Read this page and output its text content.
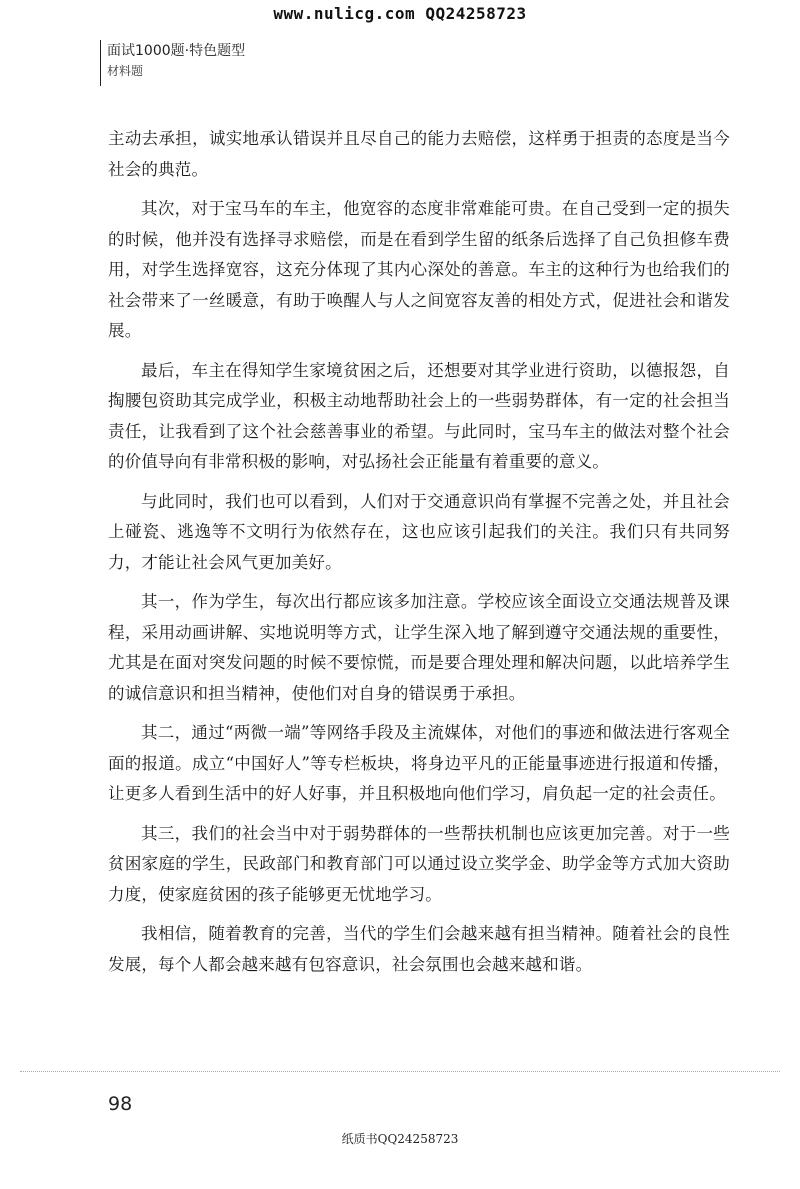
www.nulicg.com QQ24258723
面试1000题·特色题型
材料题

主动去承担，诚实地承认错误并且尽自己的能力去赔偿，这样勇于担责的态度是当今社会的典范。

其次，对于宝马车的车主，他宽容的态度非常难能可贵。在自己受到一定的损失的时候，他并没有选择寻求赔偿，而是在看到学生留的纸条后选择了自己负担修车费用，对学生选择宽容，这充分体现了其内心深处的善意。车主的这种行为也给我们的社会带来了一丝暖意，有助于唤醒人与人之间宽容友善的相处方式，促进社会和谐发展。

最后，车主在得知学生家境贫困之后，还想要对其学业进行资助，以德报怨，自掏腰包资助其完成学业，积极主动地帮助社会上的一些弱势群体，有一定的社会担当责任，让我看到了这个社会慈善事业的希望。与此同时，宝马车主的做法对整个社会的价值导向有非常积极的影响，对弘扬社会正能量有着重要的意义。

与此同时，我们也可以看到，人们对于交通意识尚有掌握不完善之处，并且社会上碰瓷、逃逸等不文明行为依然存在，这也应该引起我们的关注。我们只有共同努力，才能让社会风气更加美好。

其一，作为学生，每次出行都应该多加注意。学校应该全面设立交通法规普及课程，采用动画讲解、实地说明等方式，让学生深入地了解到遵守交通法规的重要性，尤其是在面对突发问题的时候不要惊慌，而是要合理处理和解决问题，以此培养学生的诚信意识和担当精神，使他们对自身的错误勇于承担。

其二，通过“两微一端”等网络手段及主流媒体，对他们的事迹和做法进行客观全面的报道。成立“中国好人”等专栏板块，将身边平凡的正能量事迹进行报道和传播，让更多人看到生活中的好人好事，并且积极地向他们学习，肩负起一定的社会责任。

其三，我们的社会当中对于弱势群体的一些帮扶机制也应该更加完善。对于一些贫困家庭的学生，民政部门和教育部门可以通过设立奖学金、助学金等方式加大资助力度，使家庭贫困的孩子能够更无忧地学习。

我相信，随着教育的完善，当代的学生们会越来越有担当精神。随着社会的良性发展，每个人都会越来越有包容意识，社会氛围也会越来越和谐。

98
纸质书QQ24258723
